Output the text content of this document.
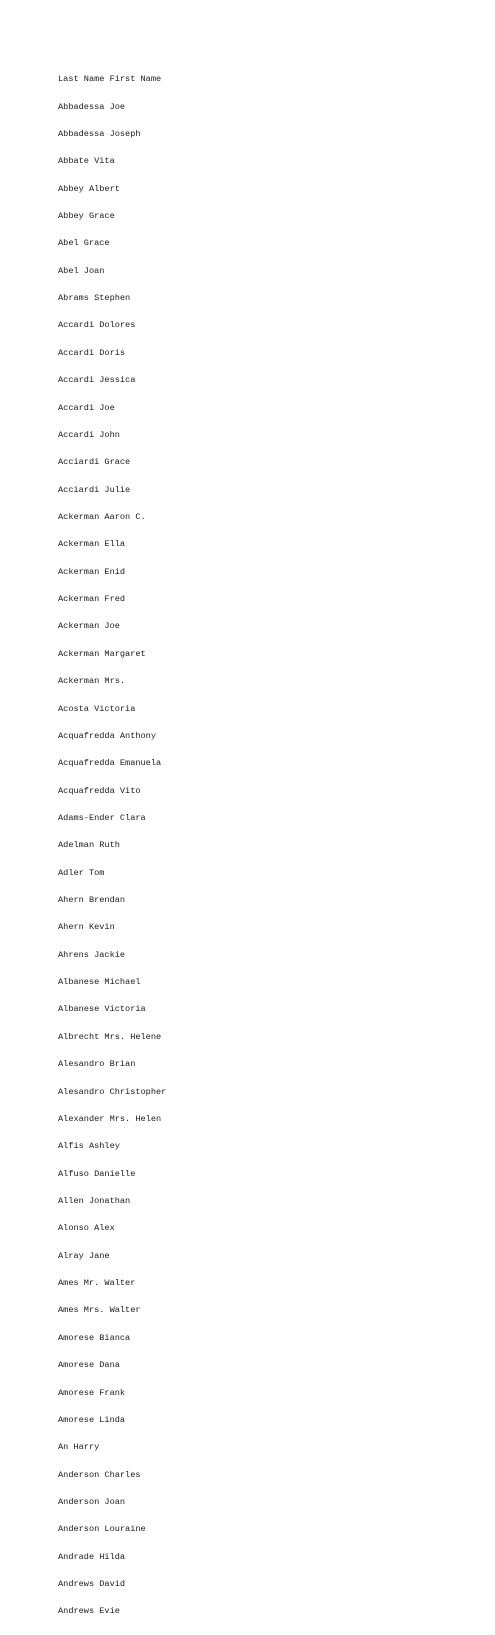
Last Name First Name

Abbadessa Joe

Abbadessa Joseph

Abbate Vita

Abbey Albert

Abbey Grace

Abel Grace

Abel Joan

Abrams Stephen

Accardi Dolores

Accardi Doris

Accardi Jessica

Accardi Joe

Accardi John

Acciardi Grace

Acciardi Julie

Ackerman Aaron C.

Ackerman Ella

Ackerman Enid

Ackerman Fred

Ackerman Joe

Ackerman Margaret

Ackerman Mrs.

Acosta Victoria

Acquafredda Anthony

Acquafredda Emanuela

Acquafredda Vito

Adams-Ender Clara

Adelman Ruth

Adler Tom

Ahern Brendan

Ahern Kevin

Ahrens Jackie

Albanese Michael

Albanese Victoria

Albrecht Mrs. Helene

Alesandro Brian

Alesandro Christopher

Alexander Mrs. Helen

Alfis Ashley

Alfuso Danielle

Allen Jonathan

Alonso Alex

Alray Jane

Ames Mr. Walter

Ames Mrs. Walter

Amorese Bianca

Amorese Dana

Amorese Frank

Amorese Linda

An Harry

Anderson Charles

Anderson Joan

Anderson Louraine

Andrade Hilda

Andrews David

Andrews Evie
